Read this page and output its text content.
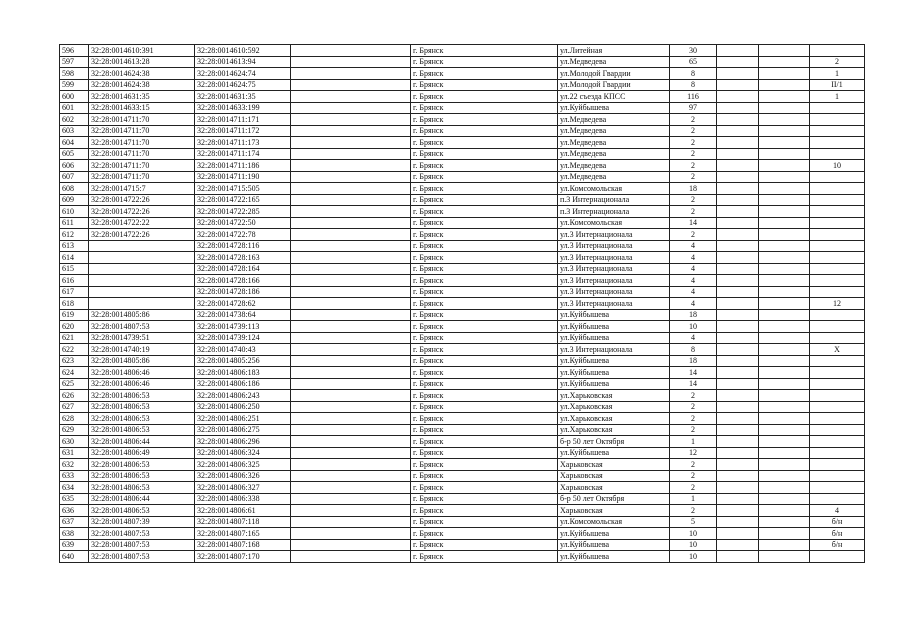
596	32:28:0014610:391	32:28:0014610:592		г. Брянск	ул.Литейная	30			
597	32:28:0014613:28	32:28:0014613:94		г. Брянск	ул.Медведева	65			2
598	32:28:0014624:38	32:28:0014624:74		г. Брянск	ул.Молодой Гвардии	8			1
599	32:28:0014624:38	32:28:0014624:75		г. Брянск	ул.Молодой Гвардии	8			II/1
600	32:28:0014631:35	32:28:0014631:35		г. Брянск	ул.22 съезда КПСС	116			1
601	32:28:0014633:15	32:28:0014633:199		г. Брянск	ул.Куйбышева	97			
602	32:28:0014711:70	32:28:0014711:171		г. Брянск	ул.Медведева	2			
603	32:28:0014711:70	32:28:0014711:172		г. Брянск	ул.Медведева	2			
604	32:28:0014711:70	32:28:0014711:173		г. Брянск	ул.Медведева	2			
605	32:28:0014711:70	32:28:0014711:174		г. Брянск	ул.Медведева	2			
606	32:28:0014711:70	32:28:0014711:186		г. Брянск	ул.Медведева	2			10
607	32:28:0014711:70	32:28:0014711:190		г. Брянск	ул.Медведева	2			
608	32:28:0014715:7	32:28:0014715:505		г. Брянск	ул.Комсомольская	18			
609	32:28:0014722:26	32:28:0014722:165		г. Брянск	п.3 Интернационала	2			
610	32:28:0014722:26	32:28:0014722:285		г. Брянск	п.3 Интернационала	2			
611	32:28:0014722:22	32:28:0014722:50		г. Брянск	ул.Комсомольская	14			
612	32:28:0014722:26	32:28:0014722:78		г. Брянск	ул.3 Интернационала	2			
613		32:28:0014728:116		г. Брянск	ул.3 Интернационала	4			
614		32:28:0014728:163		г. Брянск	ул.3 Интернационала	4			
615		32:28:0014728:164		г. Брянск	ул.3 Интернационала	4			
616		32:28:0014728:166		г. Брянск	ул.3 Интернационала	4			
617		32:28:0014728:186		г. Брянск	ул.3 Интернационала	4			
618		32:28:0014728:62		г. Брянск	ул.3 Интернационала	4			12
619	32:28:0014805:86	32:28:0014738:64		г. Брянск	ул.Куйбышева	18			
620	32:28:0014807:53	32:28:0014739:113		г. Брянск	ул.Куйбышева	10			
621	32:28:0014739:51	32:28:0014739:124		г. Брянск	ул.Куйбышева	4			
622	32:28:0014740:19	32:28:0014740:43		г. Брянск	ул.3 Интернационала	8			X
623	32:28:0014805:86	32:28:0014805:256		г. Брянск	ул.Куйбышева	18			
624	32:28:0014806:46	32:28:0014806:183		г. Брянск	ул.Куйбышева	14			
625	32:28:0014806:46	32:28:0014806:186		г. Брянск	ул.Куйбышева	14			
626	32:28:0014806:53	32:28:0014806:243		г. Брянск	ул.Харьковская	2			
627	32:28:0014806:53	32:28:0014806:250		г. Брянск	ул.Харьковская	2			
628	32:28:0014806:53	32:28:0014806:251		г. Брянск	ул.Харьковская	2			
629	32:28:0014806:53	32:28:0014806:275		г. Брянск	ул.Харьковская	2			
630	32:28:0014806:44	32:28:0014806:296		г. Брянск	б-р 50 лет Октября	1			
631	32:28:0014806:49	32:28:0014806:324		г. Брянск	ул.Куйбышева	12			
632	32:28:0014806:53	32:28:0014806:325		г. Брянск	Харьковская	2			
633	32:28:0014806:53	32:28:0014806:326		г. Брянск	Харьковская	2			
634	32:28:0014806:53	32:28:0014806:327		г. Брянск	Харьковская	2			
635	32:28:0014806:44	32:28:0014806:338		г. Брянск	б-р 50 лет Октября	1			
636	32:28:0014806:53	32:28:0014806:61		г. Брянск	Харьковская	2			4
637	32:28:0014807:39	32:28:0014807:118		г. Брянск	ул.Комсомольская	5			б/н
638	32:28:0014807:53	32:28:0014807:165		г. Брянск	ул.Куйбышева	10			б/н
639	32:28:0014807:53	32:28:0014807:168		г. Брянск	ул.Куйбышева	10			б/н
640	32:28:0014807:53	32:28:0014807:170		г. Брянск	ул.Куйбышева	10			
